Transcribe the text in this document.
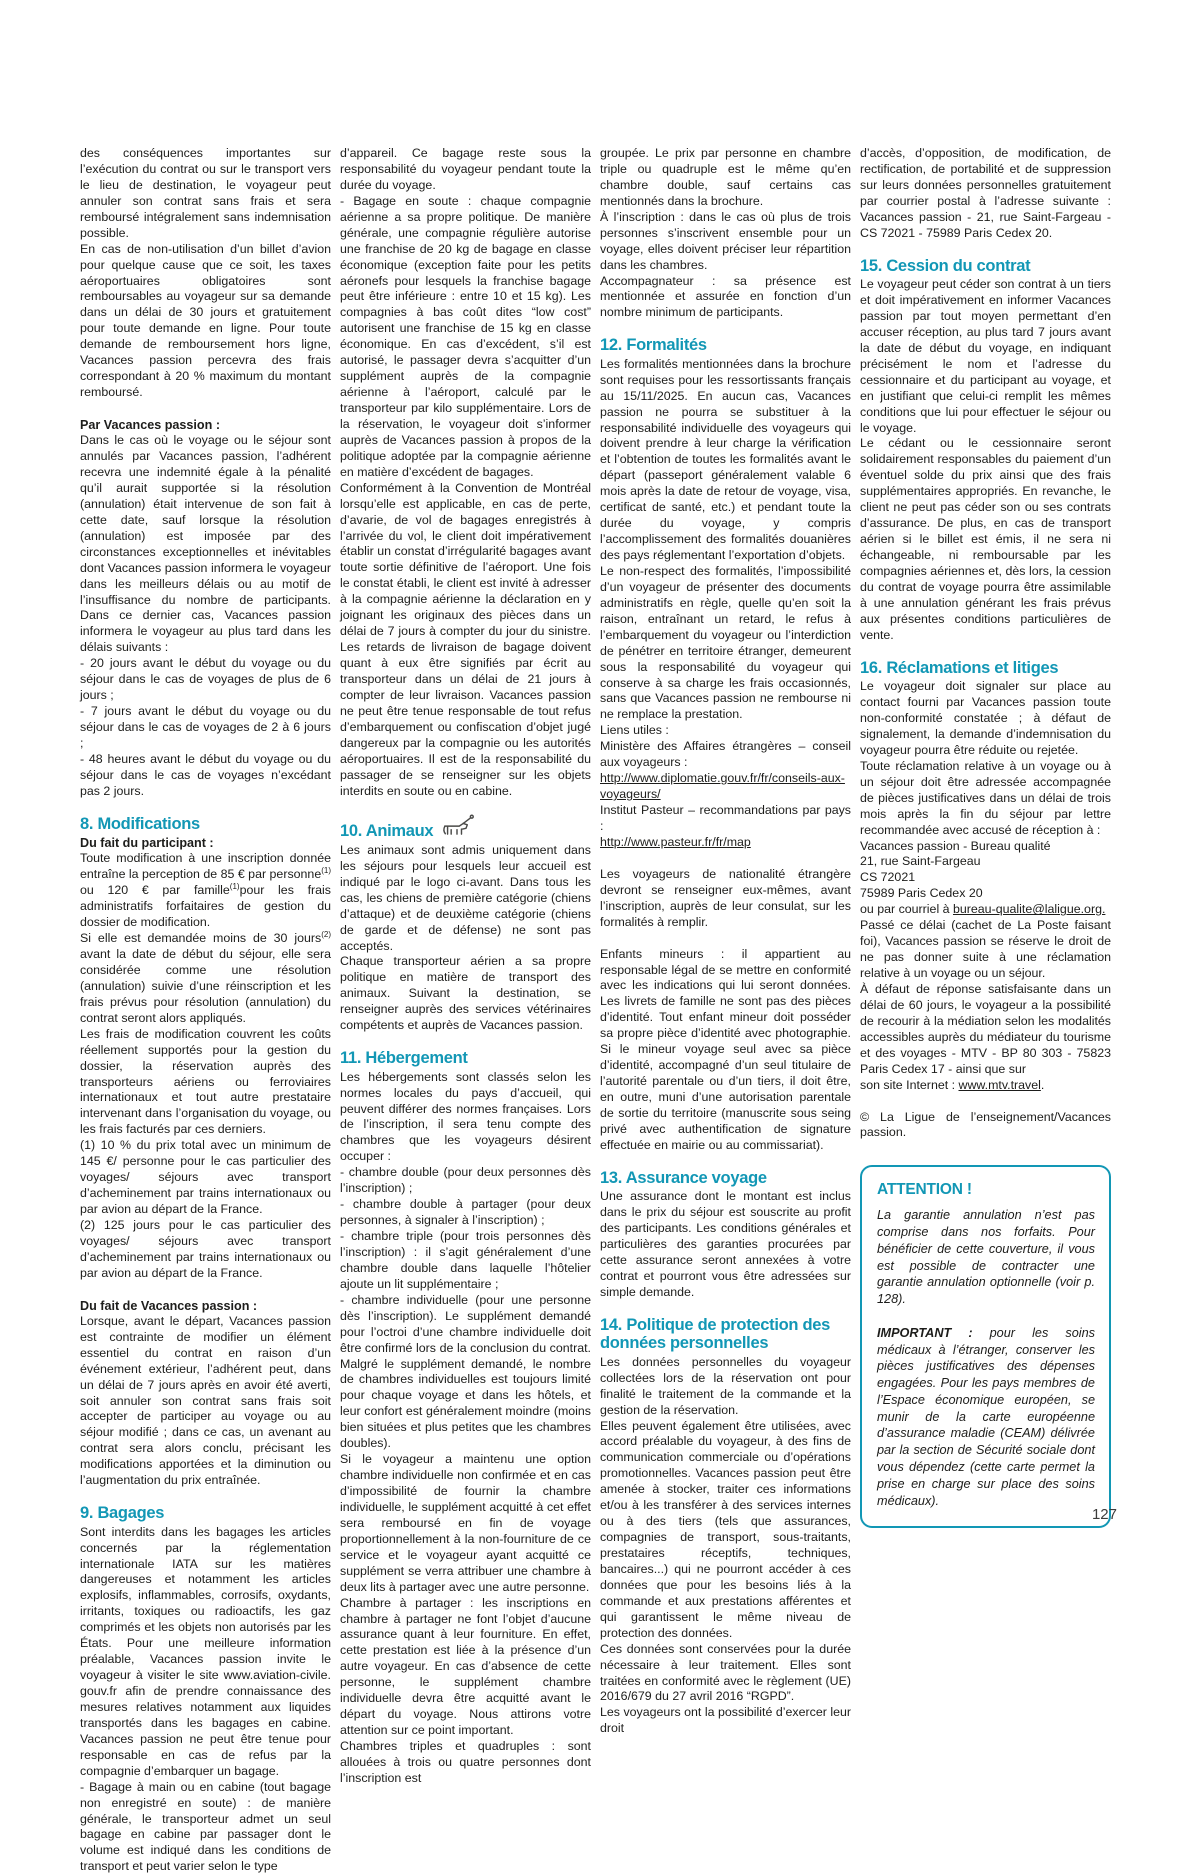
des conséquences importantes sur l’exécution du contrat ou sur le transport vers le lieu de destination, le voyageur peut annuler son contrat sans frais et sera remboursé intégralement sans indemnisation possible.

En cas de non-utilisation d’un billet d’avion pour quelque cause que ce soit, les taxes aéroportuaires obligatoires sont remboursables au voyageur sur sa demande dans un délai de 30 jours et gratuitement pour toute demande en ligne. Pour toute demande de remboursement hors ligne, Vacances passion percevra des frais correspondant à 20 % maximum du montant remboursé.

Par Vacances passion :

Dans le cas où le voyage ou le séjour sont annulés par Vacances passion, l’adhérent recevra une indemnité égale à la pénalité qu’il aurait supportée si la résolution (annulation) était intervenue de son fait à cette date, sauf lorsque la résolution (annulation) est imposée par des circonstances exceptionnelles et inévitables dont Vacances passion informera le voyageur dans les meilleurs délais ou au motif de l’insuffisance du nombre de participants. Dans ce dernier cas, Vacances passion informera le voyageur au plus tard dans les délais suivants :

- 20 jours avant le début du voyage ou du séjour dans le cas de voyages de plus de 6 jours ;

- 7 jours avant le début du voyage ou du séjour dans le cas de voyages de 2 à 6 jours ;

- 48 heures avant le début du voyage ou du séjour dans le cas de voyages n’excédant pas 2 jours.

8. Modifications
Du fait du participant :

Toute modification à une inscription donnée entraîne la perception de 85 € par personne$^{(1)}$ ou 120 € par famille$^{(1)}$pour les frais administratifs forfaitaires de gestion du dossier de modification.

Si elle est demandée moins de 30 jours$^{(2)}$ avant la date de début du séjour, elle sera considérée comme une résolution (annulation) suivie d’une réinscription et les frais prévus pour résolution (annulation) du contrat seront alors appliqués.

Les frais de modification couvrent les coûts réellement supportés pour la gestion du dossier, la réservation auprès des transporteurs aériens ou ferroviaires internationaux et tout autre prestataire intervenant dans l’organisation du voyage, ou les frais facturés par ces derniers.

(1) 10 % du prix total avec un minimum de 145 €/ personne pour le cas particulier des voyages/ séjours avec transport d’acheminement par trains internationaux ou par avion au départ de la France.

(2) 125 jours pour le cas particulier des voyages/ séjours avec transport d’acheminement par trains internationaux ou par avion au départ de la France.

Du fait de Vacances passion :

Lorsque, avant le départ, Vacances passion est contrainte de modifier un élément essentiel du contrat en raison d’un événement extérieur, l’adhérent peut, dans un délai de 7 jours après en avoir été averti, soit annuler son contrat sans frais soit accepter de participer au voyage ou au séjour modifié ; dans ce cas, un avenant au contrat sera alors conclu, précisant les modifications apportées et la diminution ou l’augmentation du prix entraînée.

9. Bagages

Sont interdits dans les bagages les articles concernés par la réglementation internationale IATA sur les matières dangereuses et notamment les articles explosifs, inflammables, corrosifs, oxydants, irritants, toxiques ou radioactifs, les gaz comprimés et les objets non autorisés par les États. Pour une meilleure information préalable, Vacances passion invite le voyageur à visiter le site www.aviation-civile. gouv.fr afin de prendre connaissance des mesures relatives notamment aux liquides transportés dans les bagages en cabine. Vacances passion ne peut être tenue pour responsable en cas de refus par la compagnie d’embarquer un bagage.

- Bagage à main ou en cabine (tout bagage non enregistré en soute) : de manière générale, le transporteur admet un seul bagage en cabine par passager dont le volume est indiqué dans les conditions de transport et peut varier selon le type

d’appareil. Ce bagage reste sous la responsabilité du voyageur pendant toute la durée du voyage.

- Bagage en soute : chaque compagnie aérienne a sa propre politique. De manière générale, une compagnie régulière autorise une franchise de 20 kg de bagage en classe économique (exception faite pour les petits aéronefs pour lesquels la franchise bagage peut être inférieure : entre 10 et 15 kg). Les compagnies à bas coût dites “low cost” autorisent une franchise de 15 kg en classe économique. En cas d’excédent, s’il est autorisé, le passager devra s’acquitter d’un supplément auprès de la compagnie aérienne à l’aéroport, calculé par le transporteur par kilo supplémentaire. Lors de la réservation, le voyageur doit s’informer auprès de Vacances passion à propos de la politique adoptée par la compagnie aérienne en matière d’excédent de bagages.

Conformément à la Convention de Montréal lorsqu’elle est applicable, en cas de perte, d’avarie, de vol de bagages enregistrés à l’arrivée du vol, le client doit impérativement établir un constat d’irrégularité bagages avant toute sortie définitive de l’aéroport. Une fois le constat établi, le client est invité à adresser à la compagnie aérienne la déclaration en y joignant les originaux des pièces dans un délai de 7 jours à compter du jour du sinistre. Les retards de livraison de bagage doivent quant à eux être signifiés par écrit au transporteur dans un délai de 21 jours à compter de leur livraison. Vacances passion ne peut être tenue responsable de tout refus d’embarquement ou confiscation d’objet jugé dangereux par la compagnie ou les autorités aéroportuaires. Il est de la responsabilité du passager de se renseigner sur les objets interdits en soute ou en cabine.

10. Animaux

Les animaux sont admis uniquement dans les séjours pour lesquels leur accueil est indiqué par le logo ci-avant. Dans tous les cas, les chiens de première catégorie (chiens d’attaque) et de deuxième catégorie (chiens de garde et de défense) ne sont pas acceptés.

Chaque transporteur aérien a sa propre politique en matière de transport des animaux. Suivant la destination, se renseigner auprès des services vétérinaires compétents et auprès de Vacances passion.

11. Hébergement

Les hébergements sont classés selon les normes locales du pays d’accueil, qui peuvent différer des normes françaises. Lors de l’inscription, il sera tenu compte des chambres que les voyageurs désirent occuper :

- chambre double (pour deux personnes dès l’inscription) ;

- chambre double à partager (pour deux personnes, à signaler à l’inscription) ;

- chambre triple (pour trois personnes dès l’inscription) : il s’agit généralement d’une chambre double dans laquelle l’hôtelier ajoute un lit supplémentaire ;

- chambre individuelle (pour une personne dès l’inscription). Le supplément demandé pour l’octroi d’une chambre individuelle doit être confirmé lors de la conclusion du contrat. Malgré le supplément demandé, le nombre de chambres individuelles est toujours limité pour chaque voyage et dans les hôtels, et leur confort est généralement moindre (moins bien situées et plus petites que les chambres doubles).

Si le voyageur a maintenu une option chambre individuelle non confirmée et en cas d’impossibilité de fournir la chambre individuelle, le supplément acquitté à cet effet sera remboursé en fin de voyage proportionnellement à la non-fourniture de ce service et le voyageur ayant acquitté ce supplément se verra attribuer une chambre à deux lits à partager avec une autre personne.

Chambre à partager : les inscriptions en chambre à partager ne font l’objet d’aucune assurance quant à leur fourniture. En effet, cette prestation est liée à la présence d’un autre voyageur. En cas d’absence de cette personne, le supplément chambre individuelle devra être acquitté avant le départ du voyage. Nous attirons votre attention sur ce point important.

Chambres triples et quadruples : sont allouées à trois ou quatre personnes dont l’inscription est

groupée. Le prix par personne en chambre triple ou quadruple est le même qu’en chambre double, sauf certains cas mentionnés dans la brochure.

À l’inscription : dans le cas où plus de trois personnes s’inscrivent ensemble pour un voyage, elles doivent préciser leur répartition dans les chambres.

Accompagnateur : sa présence est mentionnée et assurée en fonction d’un nombre minimum de participants.

12. Formalités

Les formalités mentionnées dans la brochure sont requises pour les ressortissants français au 15/11/2025. En aucun cas, Vacances passion ne pourra se substituer à la responsabilité individuelle des voyageurs qui doivent prendre à leur charge la vérification et l’obtention de toutes les formalités avant le départ (passeport généralement valable 6 mois après la date de retour de voyage, visa, certificat de santé, etc.) et pendant toute la durée du voyage, y compris l’accomplissement des formalités douanières des pays réglementant l’exportation d’objets.

Le non-respect des formalités, l’impossibilité d’un voyageur de présenter des documents administratifs en règle, quelle qu’en soit la raison, entraînant un retard, le refus à l’embarquement du voyageur ou l’interdiction de pénétrer en territoire étranger, demeurent sous la responsabilité du voyageur qui conserve à sa charge les frais occasionnés, sans que Vacances passion ne rembourse ni ne remplace la prestation.

Liens utiles :

Ministère des Affaires étrangères – conseil aux voyageurs :

http://www.diplomatie.gouv.fr/fr/conseils-aux-voyageurs/

Institut Pasteur – recommandations par pays :

http://www.pasteur.fr/fr/map

Les voyageurs de nationalité étrangère devront se renseigner eux-mêmes, avant l’inscription, auprès de leur consulat, sur les formalités à remplir.

Enfants mineurs : il appartient au responsable légal de se mettre en conformité avec les indications qui lui seront données. Les livrets de famille ne sont pas des pièces d’identité. Tout enfant mineur doit posséder sa propre pièce d’identité avec photographie. Si le mineur voyage seul avec sa pièce d’identité, accompagné d’un seul titulaire de l’autorité parentale ou d’un tiers, il doit être, en outre, muni d’une autorisation parentale de sortie du territoire (manuscrite sous seing privé avec authentification de signature effectuée en mairie ou au commissariat).

13. Assurance voyage

Une assurance dont le montant est inclus dans le prix du séjour est souscrite au profit des participants. Les conditions générales et particulières des garanties procurées par cette assurance seront annexées à votre contrat et pourront vous être adressées sur simple demande.

14. Politique de protection des données personnelles

Les données personnelles du voyageur collectées lors de la réservation ont pour finalité le traitement de la commande et la gestion de la réservation.

Elles peuvent également être utilisées, avec accord préalable du voyageur, à des fins de communication commerciale ou d’opérations promotionnelles. Vacances passion peut être amenée à stocker, traiter ces informations et/ou à les transférer à des services internes ou à des tiers (tels que assurances, compagnies de transport, sous-traitants, prestataires réceptifs, techniques, bancaires...) qui ne pourront accéder à ces données que pour les besoins liés à la commande et aux prestations afférentes et qui garantissent le même niveau de protection des données.

Ces données sont conservées pour la durée nécessaire à leur traitement. Elles sont traitées en conformité avec le règlement (UE) 2016/679 du 27 avril 2016 “RGPD”.

Les voyageurs ont la possibilité d’exercer leur droit

d’accès, d’opposition, de modification, de rectification, de portabilité et de suppression sur leurs données personnelles gratuitement par courrier postal à l’adresse suivante : Vacances passion - 21, rue Saint-Fargeau - CS 72021 - 75989 Paris Cedex 20.

15. Cession du contrat

Le voyageur peut céder son contrat à un tiers et doit impérativement en informer Vacances passion par tout moyen permettant d’en accuser réception, au plus tard 7 jours avant la date de début du voyage, en indiquant précisément le nom et l’adresse du cessionnaire et du participant au voyage, et en justifiant que celui-ci remplit les mêmes conditions que lui pour effectuer le séjour ou le voyage.

Le cédant ou le cessionnaire seront solidairement responsables du paiement d’un éventuel solde du prix ainsi que des frais supplémentaires appropriés. En revanche, le client ne peut pas céder son ou ses contrats d’assurance. De plus, en cas de transport aérien si le billet est émis, il ne sera ni échangeable, ni remboursable par les compagnies aériennes et, dès lors, la cession du contrat de voyage pourra être assimilable à une annulation générant les frais prévus aux présentes conditions particulières de vente.

16. Réclamations et litiges

Le voyageur doit signaler sur place au contact fourni par Vacances passion toute non-conformité constatée ; à défaut de signalement, la demande d’indemnisation du voyageur pourra être réduite ou rejetée.

Toute réclamation relative à un voyage ou à un séjour doit être adressée accompagnée de pièces justificatives dans un délai de trois mois après la fin du séjour par lettre recommandée avec accusé de réception à :

Vacances passion - Bureau qualité

21, rue Saint-Fargeau

CS 72021

75989 Paris Cedex 20

ou par courriel à bureau-qualite@laligue.org.

Passé ce délai (cachet de La Poste faisant foi), Vacances passion se réserve le droit de ne pas donner suite à une réclamation relative à un voyage ou un séjour.

À défaut de réponse satisfaisante dans un délai de 60 jours, le voyageur a la possibilité de recourir à la médiation selon les modalités accessibles auprès du médiateur du tourisme et des voyages - MTV - BP 80 303 - 75823 Paris Cedex 17 - ainsi que sur

son site Internet : www.mtv.travel.

© La Ligue de l’enseignement/Vacances passion.

ATTENTION !

La garantie annulation n’est pas comprise dans nos forfaits. Pour bénéficier de cette couverture, il vous est possible de contracter une garantie annulation optionnelle (voir p. 128).

IMPORTANT : pour les soins médicaux à l’étranger, conserver les pièces justificatives des dépenses engagées. Pour les pays membres de l’Espace économique européen, se munir de la carte européenne d’assurance maladie (CEAM) délivrée par la section de Sécurité sociale dont vous dépendez (cette carte permet la prise en charge sur place des soins médicaux).

127
